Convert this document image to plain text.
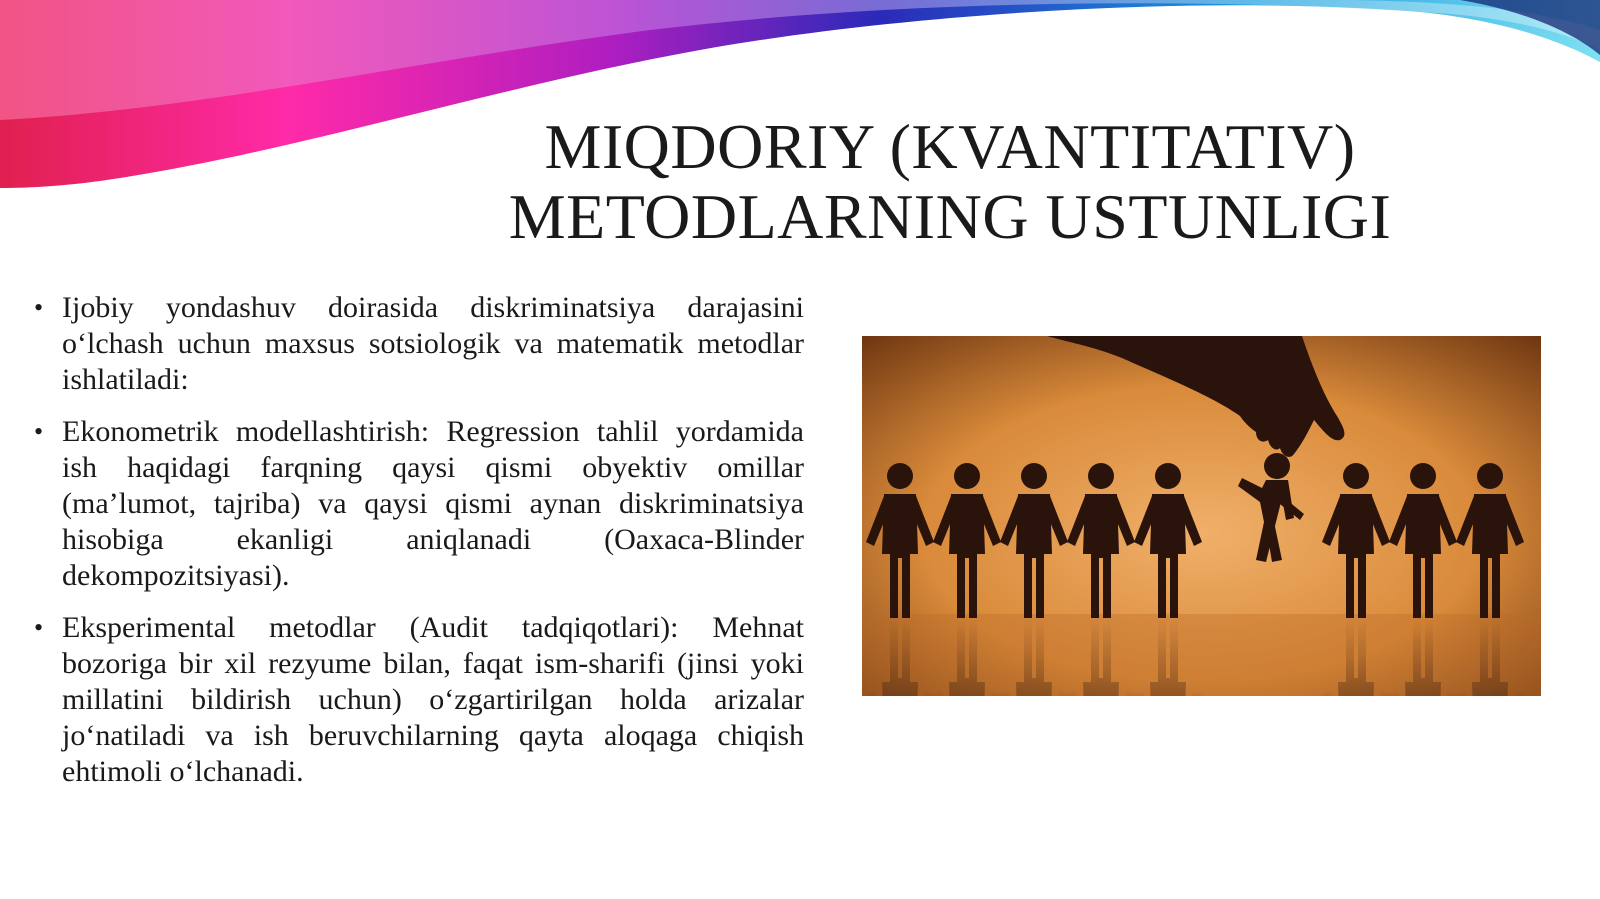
MIQDORIY (KVANTITATIV)
METODLARNING USTUNLIGI
• Ijobiy yondashuv doirasida diskriminatsiya darajasini o‘lchash uchun maxsus sotsiologik va matematik metodlar ishlatiladi:
• Ekonometrik modellashtirish: Regression tahlil yordamida ish haqidagi farqning qaysi qismi obyektiv omillar (ma’lumot, tajriba) va qaysi qismi aynan diskriminatsiya hisobiga ekanligi aniqlanadi (Oaxaca-Blinder dekompozitsiyasi).
• Eksperimental metodlar (Audit tadqiqotlari): Mehnat bozoriga bir xil rezyume bilan, faqat ism-sharifi (jinsi yoki millatini bildirish uchun) o‘zgartirilgan holda arizalar jo‘natiladi va ish beruvchilarning qayta aloqaga chiqish ehtimoli o‘lchanadi.
